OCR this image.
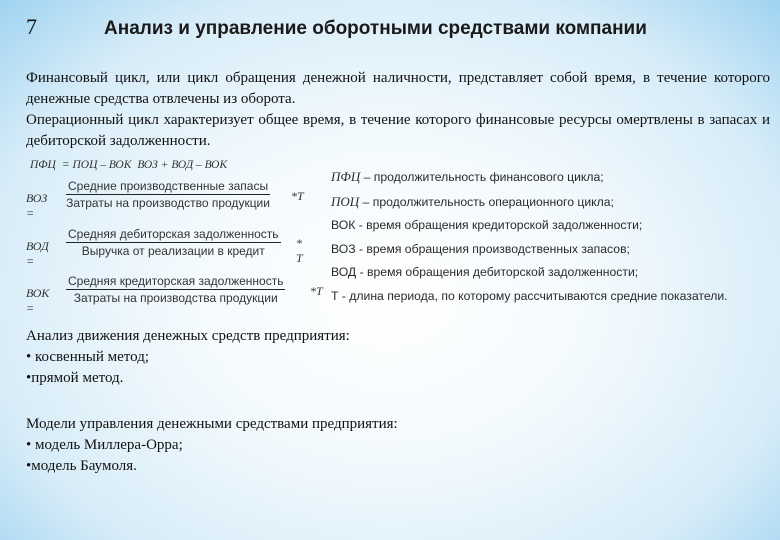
7	Анализ и управление оборотными средствами компании

Финансовый цикл, или цикл обращения денежной наличности, представляет собой время, в течение которого денежные средства отвлечены из оборота.

Операционный цикл характеризует общее время, в течение которого финансовые ресурсы омертвлены в запасах и дебиторской задолженности.

ПФЦ = ПОЦ – ВОК ВОЗ + ВОД – ВОК
ВОЗ =
Средние производственные запасы
Затраты на производство продукции *T
ВОД =
Средняя дебиторская задолженность
Выручка от реализации в кредит
* T
ВОК =
Средняя кредиторская задолженность
Затраты на производства продукции	*T
ПФЦ – продолжительность финансового цикла;
ПОЦ – продолжительность операционного цикла;
ВОК - время обращения кредиторской задолженности;
ВОЗ - время обращения производственных запасов;
ВОД - время обращения дебиторской задолженности;
Т - длина периода, по которому рассчитываются средние показатели.

Анализ движения денежных средств предприятия:

• косвенный метод;

•прямой метод.

Модели управления денежными средствами предприятия:

• модель Миллера-Орра;

•модель Баумоля.
